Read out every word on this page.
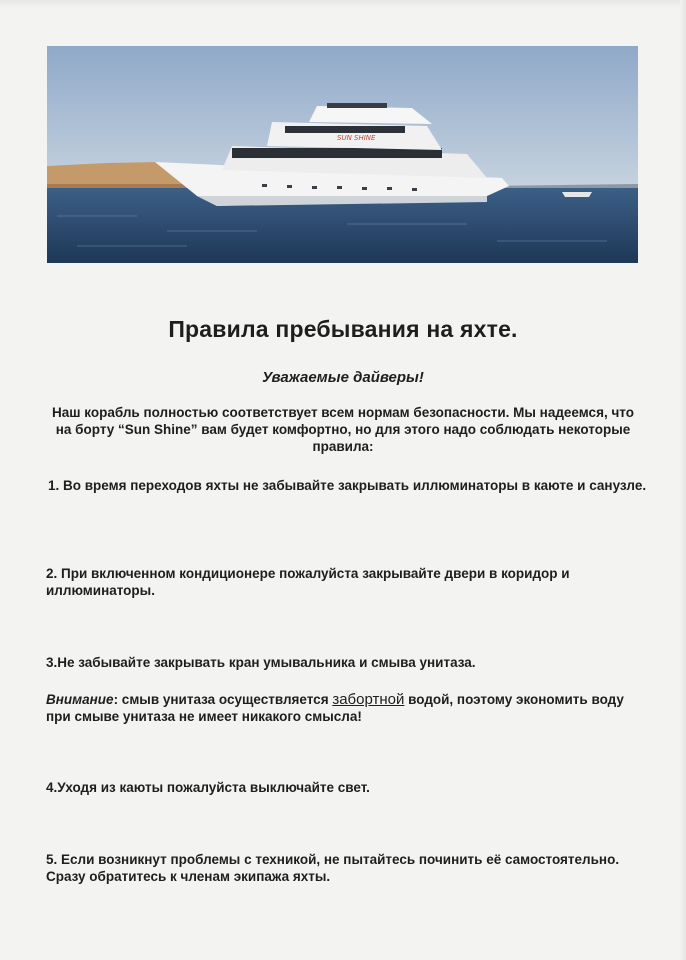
SUN SHINE
Правила пребывания на яхте.
Уважаемые дайверы!
Наш корабль полностью соответствует всем нормам безопасности. Мы надеемся, что на борту “Sun Shine” вам будет комфортно, но для этого надо соблюдать некоторые правила:
1. Во время переходов яхты не забывайте закрывать иллюминаторы в каюте и санузле.
2. При включенном кондиционере пожалуйста закрывайте двери в коридор и иллюминаторы.
3.Не забывайте закрывать кран умывальника и смыва унитаза.
Внимание: смыв унитаза осуществляется забортной водой, поэтому экономить воду при смыве унитаза не имеет никакого смысла!
4.Уходя из каюты пожалуйста выключайте свет.
5. Если возникнут проблемы с техникой, не пытайтесь починить её самостоятельно. Сразу обратитесь к членам экипажа яхты.
